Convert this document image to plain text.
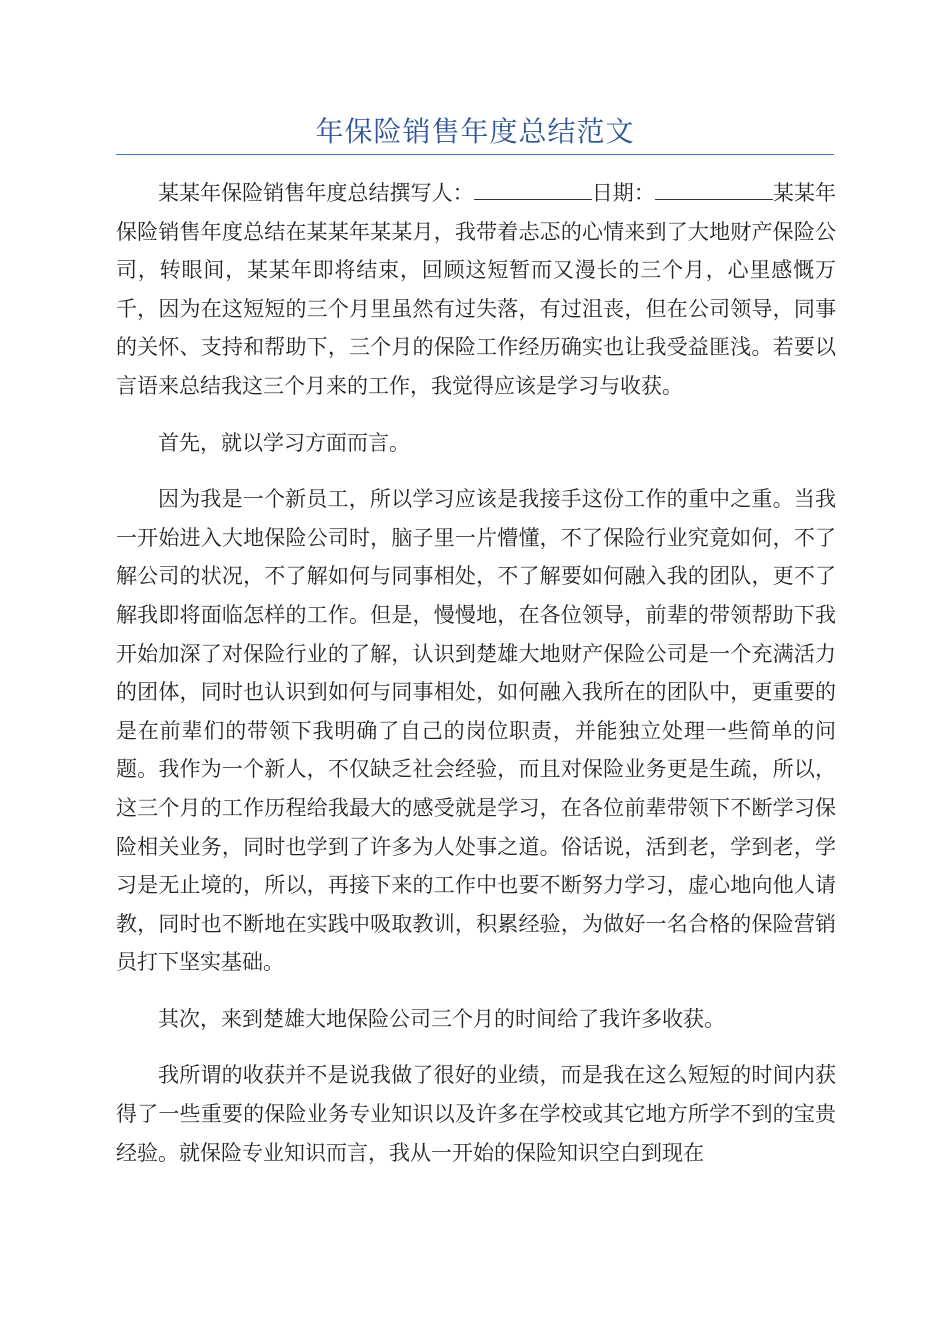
年保险销售年度总结范文

某某年保险销售年度总结撰写人：	日期：	某某年保险销售年度总结在某某年某某月，我带着忐忑的心情来到了大地财产保险公司，转眼间，某某年即将结束，回顾这短暂而又漫长的三个月，心里感慨万千，因为在这短短的三个月里虽然有过失落，有过沮丧，但在公司领导，同事的关怀、支持和帮助下，三个月的保险工作经历确实也让我受益匪浅。若要以言语来总结我这三个月来的工作，我觉得应该是学习与收获。

首先，就以学习方面而言。

因为我是一个新员工，所以学习应该是我接手这份工作的重中之重。当我一开始进入大地保险公司时，脑子里一片懵懂，不了保险行业究竟如何，不了解公司的状况，不了解如何与同事相处，不了解要如何融入我的团队，更不了解我即将面临怎样的工作。但是，慢慢地，在各位领导，前辈的带领帮助下我开始加深了对保险行业的了解，认识到楚雄大地财产保险公司是一个充满活力的团体，同时也认识到如何与同事相处，如何融入我所在的团队中，更重要的是在前辈们的带领下我明确了自己的岗位职责，并能独立处理一些简单的问题。我作为一个新人，不仅缺乏社会经验，而且对保险业务更是生疏，所以，这三个月的工作历程给我最大的感受就是学习，在各位前辈带领下不断学习保险相关业务，同时也学到了许多为人处事之道。俗话说，活到老，学到老，学习是无止境的，所以，再接下来的工作中也要不断努力学习，虚心地向他人请教，同时也不断地在实践中吸取教训，积累经验，为做好一名合格的保险营销员打下坚实基础。

其次，来到楚雄大地保险公司三个月的时间给了我许多收获。

我所谓的收获并不是说我做了很好的业绩，而是我在这么短短的时间内获得了一些重要的保险业务专业知识以及许多在学校或其它地方所学不到的宝贵经验。就保险专业知识而言，我从一开始的保险知识空白到现在
